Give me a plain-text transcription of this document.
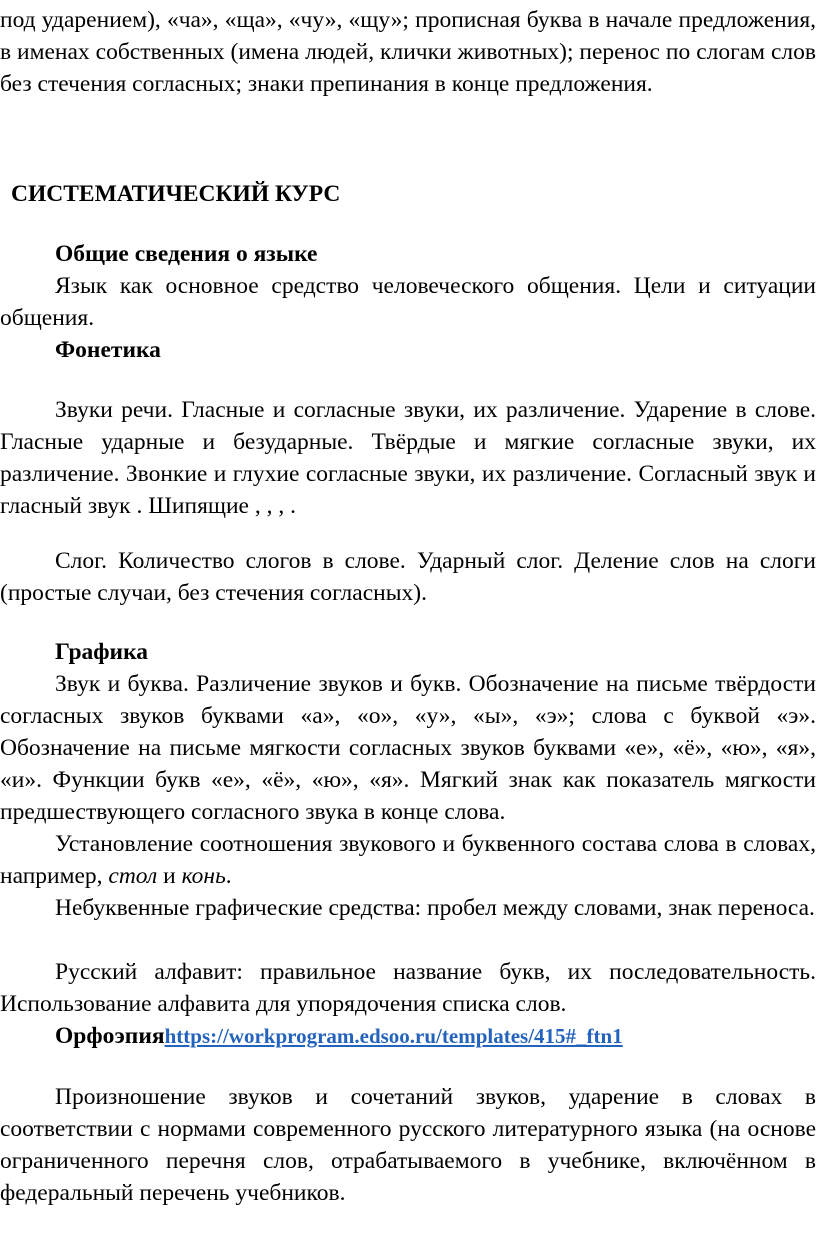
под ударением), «ча», «ща», «чу», «щу»; прописная буква в начале предложения, в именах собственных (имена людей, клички животных); перенос по слогам слов без стечения согласных; знаки препинания в конце предложения.

СИСТЕМАТИЧЕСКИЙ КУРС

Общие сведения о языке

Язык как основное средство человеческого общения. Цели и ситуации общения.

Фонетика

Звуки речи. Гласные и согласные звуки, их различение. Ударение в слове. Гласные ударные и безударные. Твёрдые и мягкие согласные звуки, их различение. Звонкие и глухие согласные звуки, их различение. Согласный звук и гласный звук . Шипящие , , , .

Слог. Количество слогов в слове. Ударный слог. Деление слов на слоги (простые случаи, без стечения согласных).

Графика

Звук и буква. Различение звуков и букв. Обозначение на письме твёрдости согласных звуков буквами «а», «о», «у», «ы», «э»; слова с буквой «э». Обозначение на письме мягкости согласных звуков буквами «е», «ё», «ю», «я», «и». Функции букв «е», «ё», «ю», «я». Мягкий знак как показатель мягкости предшествующего согласного звука в конце слова.

Установление соотношения звукового и буквенного состава слова в словах, например, стол и конь.

Небуквенные графические средства: пробел между словами, знак переноса.

Русский алфавит: правильное название букв, их последовательность. Использование алфавита для упорядочения списка слов.

Орфоэпияhttps://workprogram.edsoo.ru/templates/415#_ftn1

Произношение звуков и сочетаний звуков, ударение в словах в соответствии с нормами современного русского литературного языка (на основе ограниченного перечня слов, отрабатываемого в учебнике, включённом в федеральный перечень учебников.
